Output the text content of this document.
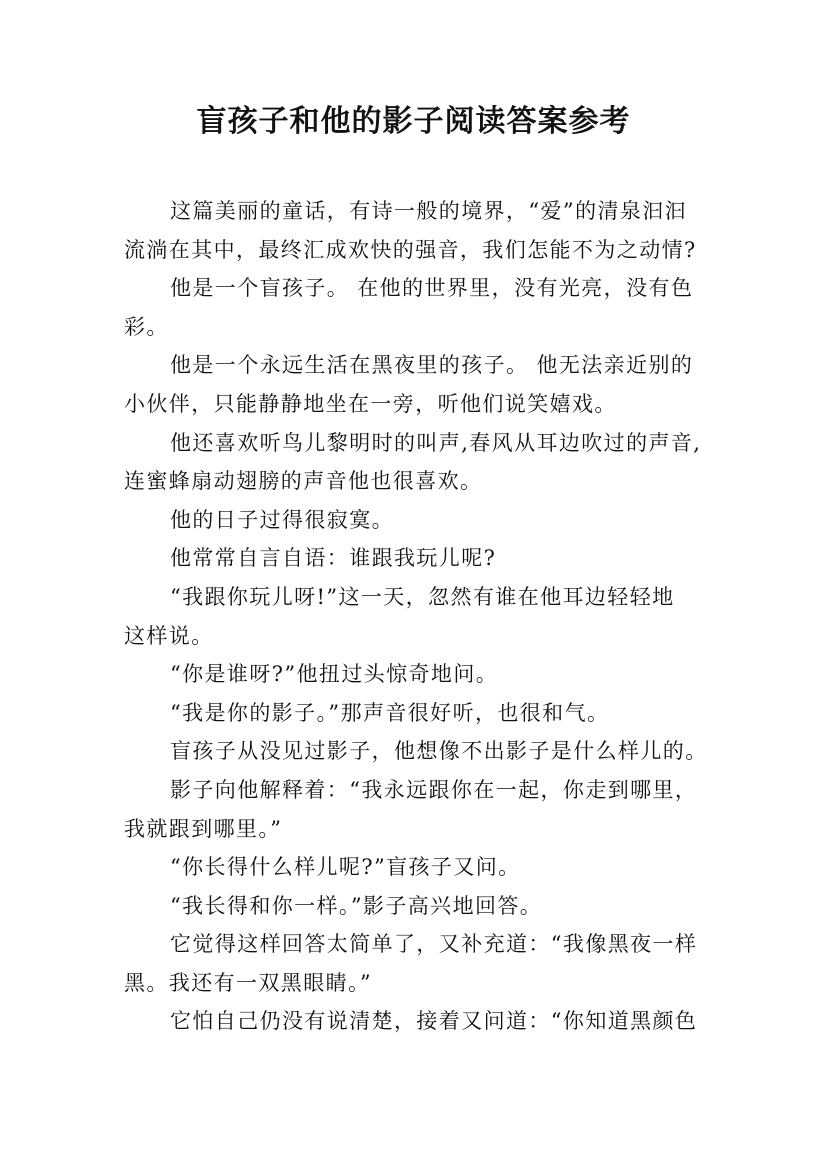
盲孩子和他的影子阅读答案参考
这篇美丽的童话，有诗一般的境界，“爱”的清泉汩汩
流淌在其中，最终汇成欢快的强音，我们怎能不为之动情?
他是一个盲孩子。 在他的世界里，没有光亮，没有色
彩。
他是一个永远生活在黑夜里的孩子。 他无法亲近别的
小伙伴，只能静静地坐在一旁，听他们说笑嬉戏。
他还喜欢听鸟儿黎明时的叫声,春风从耳边吹过的声音,
连蜜蜂扇动翅膀的声音他也很喜欢。
他的日子过得很寂寞。
他常常自言自语：谁跟我玩儿呢?
“我跟你玩儿呀!”这一天，忽然有谁在他耳边轻轻地
这样说。
“你是谁呀?”他扭过头惊奇地问。
“我是你的影子。”那声音很好听，也很和气。
盲孩子从没见过影子，他想像不出影子是什么样儿的。
影子向他解释着：“我永远跟你在一起，你走到哪里，
我就跟到哪里。”
“你长得什么样儿呢?”盲孩子又问。
“我长得和你一样。”影子高兴地回答。
它觉得这样回答太简单了，又补充道：“我像黑夜一样
黑。我还有一双黑眼睛。”
它怕自己仍没有说清楚，接着又问道：“你知道黑颜色
